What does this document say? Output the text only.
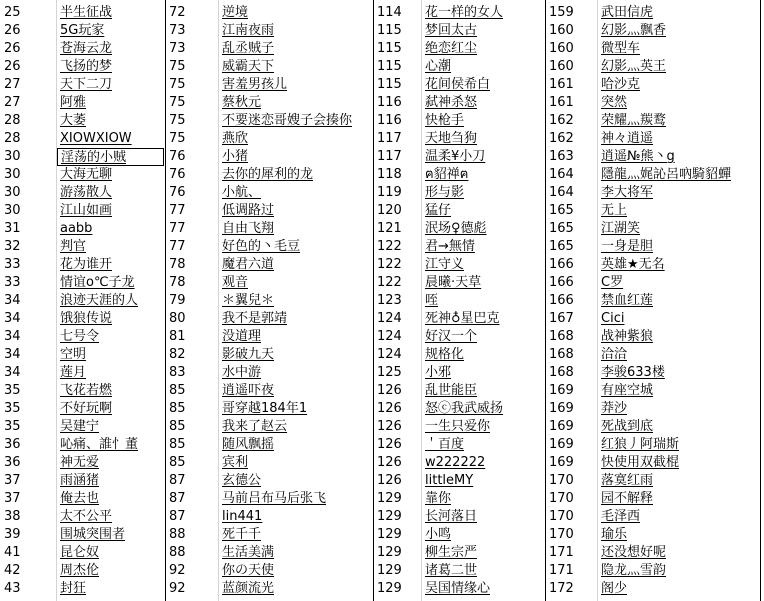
25	半生征战
26	5G玩家
26	苍海云龙
26	飞扬的梦
27	天下二刀
27	阿雅
28	大萎
28	XIOWXIOW
30	淫荡的小贼
30	大海无聊
30	游荡散人
30	江山如画
31	aabb
32	判官
33	花为谁开
33	情谊o℃子龙
34	浪迹天涯的人
34	饿狼传说
34	七号令
34	空明
34	莲月
35	飞花若燃
35	不好玩啊
35	吴建宁
36	吣痛、誰忄董
36	神无爱
37	雨涵猪
37	俺去也
38	太不公平
39	围城突围者
41	昆仑奴
42	周杰伦
43	封狂
72	逆境
73	江南夜雨
73	乱丞贼子
75	威霸天下
75	害羞男孩儿
75	蔡秋元
75	不要迷恋哥嫂子会揍你
75	燕欣
76	小猪
76	去你的犀利的龙
76	小航、
77	低调路过
77	自由飞翔
77	好色的丶毛豆
78	魔君六道
78	观音
79	＊翼兒＊
80	我不是郭靖
81	没道理
82	影破九天
83	水中游
85	逍遥吓夜
85	哥穿越184年1
85	我来了赵云
85	随风飘摇
85	宾利
87	玄德公
87	马前吕布马后张飞
87	lin441
88	死千千
88	生活美满
92	你の天使
92	蓝颜流光
114	花一样的女人
115	梦回太古
115	绝恋红尘
115	心潮
115	花间侯希白
116	弑神杀怒
116	快枪手
117	天地刍狗
117	温柔¥小刀
118	ฅ貂禅ฅ
119	形与影
120	猛仔
121	泯场♀德彪
122	君→無情
122	江守义
122	晨曦·天草
123	咥
124	死神♁星巴克
124	好汉一个
124	规格化
125	小邪
126	乱世能臣
126	怒ⓒ我武威扬
126	一生只爱你
126	＇百度
126	w222222
126	littleMY
129	靠你
129	长河落日
129	小鸣
129	柳生宗严
129	诸葛二世
129	吴国情缘心
159	武田信虎
160	幻影灬飘香
160	微型车
160	幻影灬英王
161	哈沙克
161	突然
162	荣耀灬羰鹜
162	神々逍遥
163	逍遥№熊丶g
164	隱龍灬娓訫呂吶騎貂蟬
164	李大将军
165	无上
165	江湖笑
165	一身是胆
166	英雄★无名
166	C罗
166	禁血红莲
167	Cici
168	战神紫狼
168	洽洽
168	李骏633楼
169	有座空城
169	莽沙
169	死战到底
169	红狼丿阿瑞斯
169	快使用双截棍
170	落寞红雨
170	园不解释
170	毛泽西
170	瑜乐
171	还没想好呢
171	隐龙灬雪韵
172	阁少
